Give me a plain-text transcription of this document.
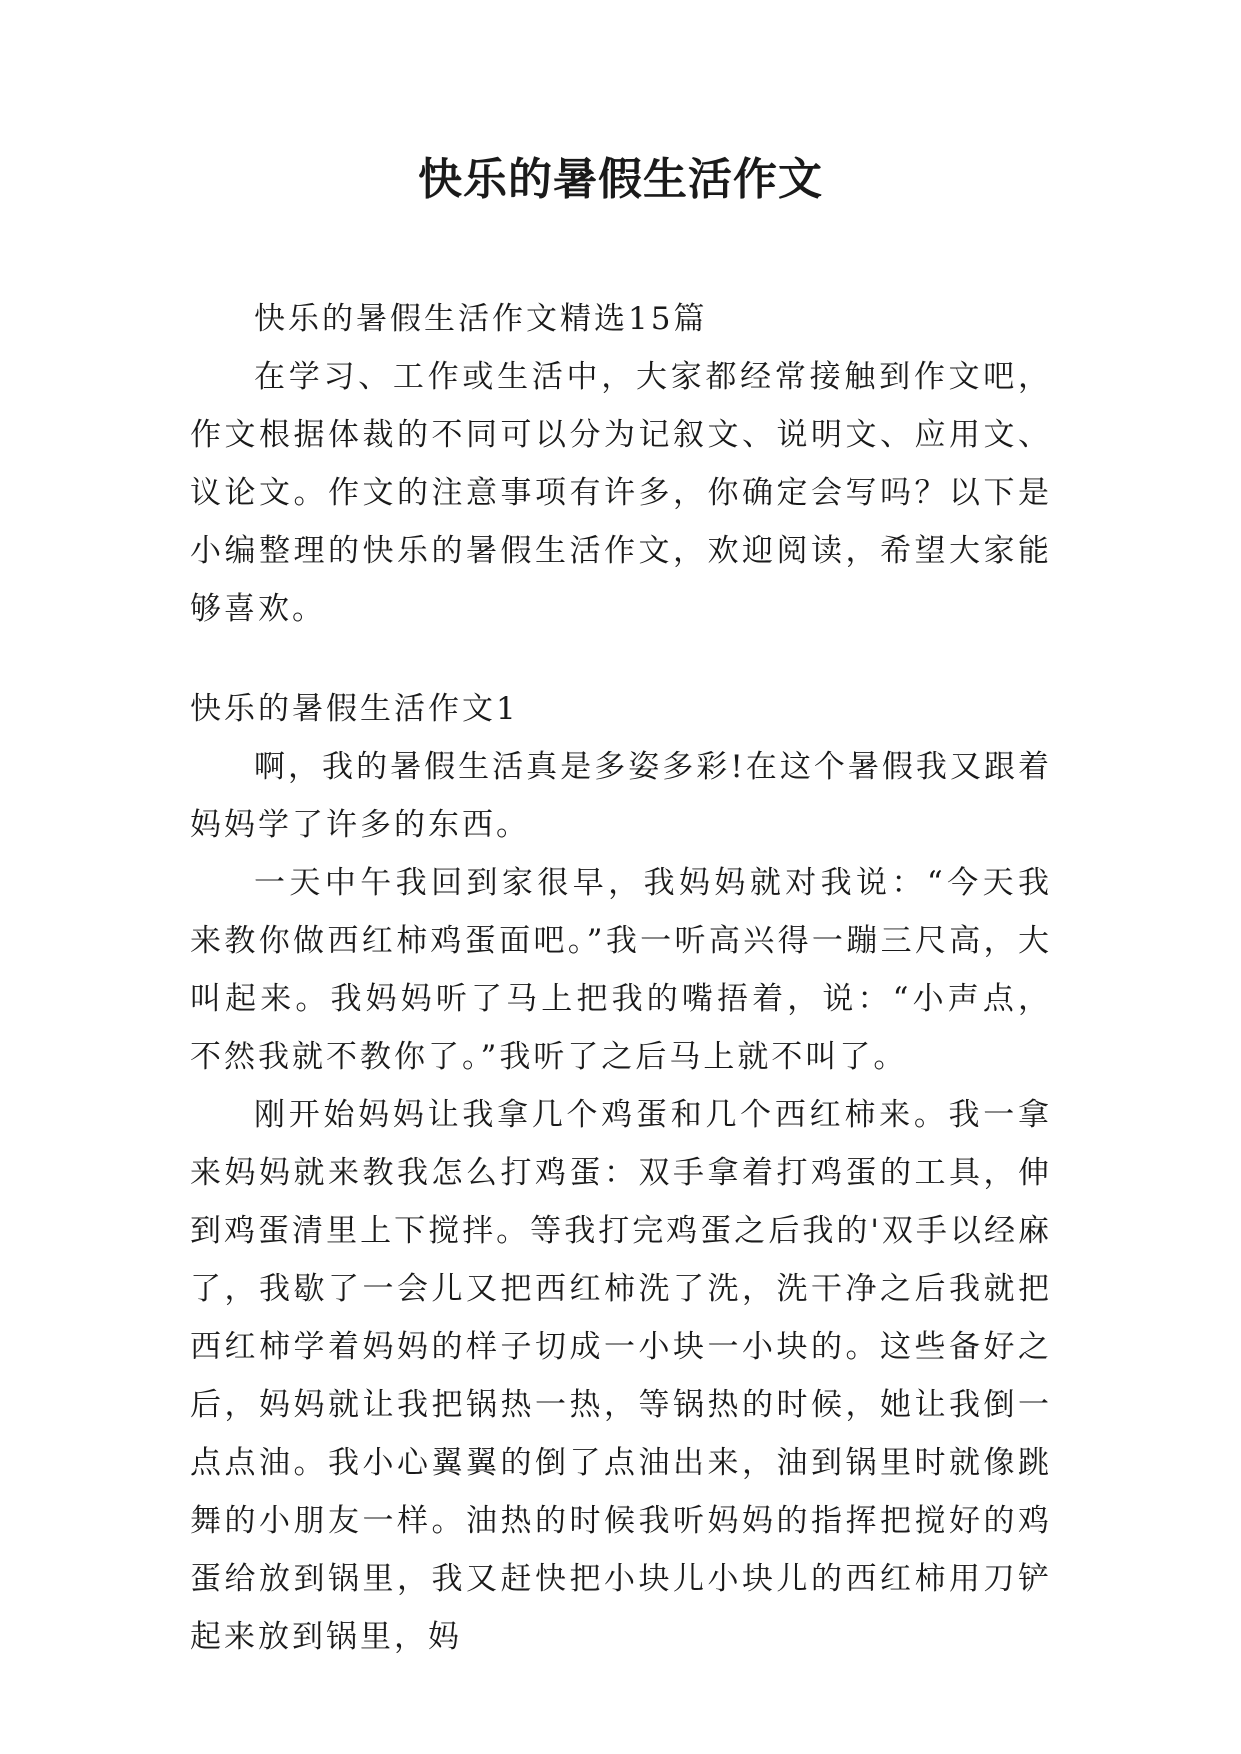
快乐的暑假生活作文

快乐的暑假生活作文精选15篇

在学习、工作或生活中，大家都经常接触到作文吧，作文根据体裁的不同可以分为记叙文、说明文、应用文、议论文。作文的注意事项有许多，你确定会写吗？以下是小编整理的快乐的暑假生活作文，欢迎阅读，希望大家能够喜欢。

快乐的暑假生活作文1

啊，我的暑假生活真是多姿多彩!在这个暑假我又跟着妈妈学了许多的东西。

一天中午我回到家很早，我妈妈就对我说：“今天我来教你做西红柿鸡蛋面吧。”我一听高兴得一蹦三尺高，大叫起来。我妈妈听了马上把我的嘴捂着，说：“小声点，不然我就不教你了。”我听了之后马上就不叫了。

刚开始妈妈让我拿几个鸡蛋和几个西红柿来。我一拿来妈妈就来教我怎么打鸡蛋：双手拿着打鸡蛋的工具，伸到鸡蛋清里上下搅拌。等我打完鸡蛋之后我的'双手以经麻了，我歇了一会儿又把西红柿洗了洗，洗干净之后我就把西红柿学着妈妈的样子切成一小块一小块的。这些备好之后，妈妈就让我把锅热一热，等锅热的时候，她让我倒一点点油。我小心翼翼的倒了点油出来，油到锅里时就像跳舞的小朋友一样。油热的时候我听妈妈的指挥把搅好的鸡蛋给放到锅里，我又赶快把小块儿小块儿的西红柿用刀铲起来放到锅里，妈
